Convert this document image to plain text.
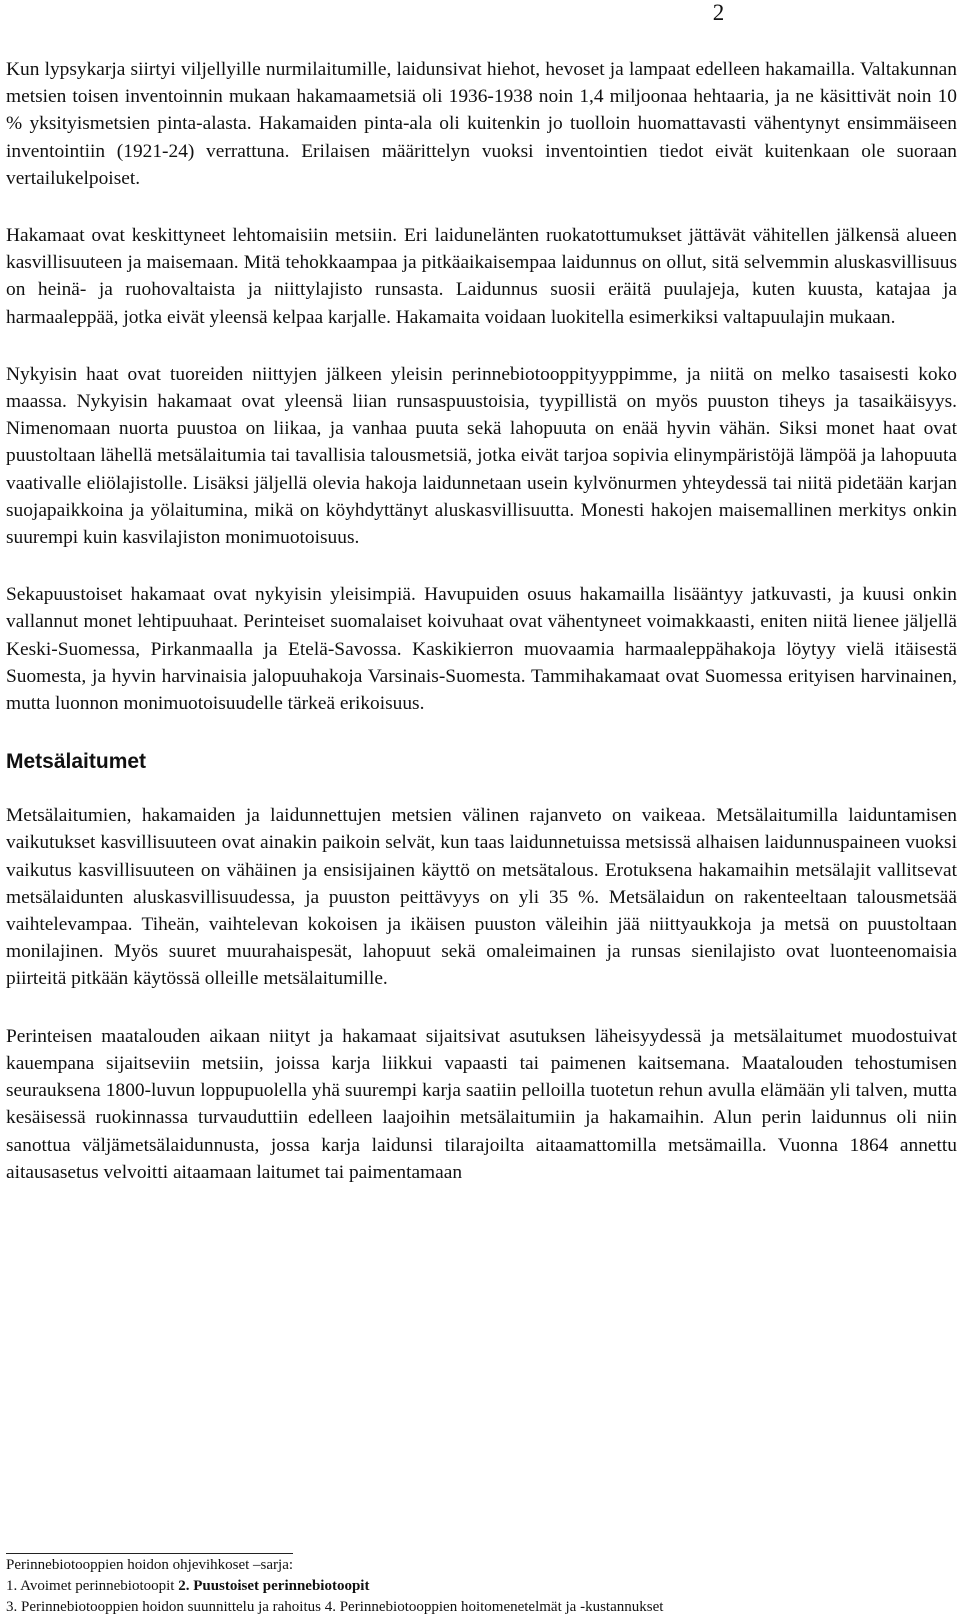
2

Kun lypsykarja siirtyi viljellyille nurmilaitumille, laidunsivat hiehot, hevoset ja lampaat edelleen hakamailla. Valtakunnan metsien toisen inventoinnin mukaan hakamaametsiä oli 1936-1938 noin 1,4 miljoonaa hehtaaria, ja ne käsittivät noin 10 % yksityismetsien pinta-alasta. Hakamaiden pinta-ala oli kuitenkin jo tuolloin huomattavasti vähentynyt ensimmäiseen inventointiin (1921-24) verrattuna. Erilaisen määrittelyn vuoksi inventointien tiedot eivät kuitenkaan ole suoraan vertailukelpoiset.

Hakamaat ovat keskittyneet lehtomaisiin metsiin. Eri laidunelänten ruokatottumukset jättävät vähitellen jälkensä alueen kasvillisuuteen ja maisemaan. Mitä tehokkaampaa ja pitkäaikaisempaa laidunnus on ollut, sitä selvemmin aluskasvillisuus on heinä- ja ruohovaltaista ja niittylajisto runsasta. Laidunnus suosii eräitä puulajeja, kuten kuusta, katajaa ja harmaaleppää, jotka eivät yleensä kelpaa karjalle. Hakamaita voidaan luokitella esimerkiksi valtapuulajin mukaan.

Nykyisin haat ovat tuoreiden niittyjen jälkeen yleisin perinnebiotooppityyppimme, ja niitä on melko tasaisesti koko maassa. Nykyisin hakamaat ovat yleensä liian runsaspuustoisia, tyypillistä on myös puuston tiheys ja tasaikäisyys. Nimenomaan nuorta puustoa on liikaa, ja vanhaa puuta sekä lahopuuta on enää hyvin vähän. Siksi monet haat ovat puustoltaan lähellä metsälaitumia tai tavallisia talousmetsiä, jotka eivät tarjoa sopivia elinympäristöjä lämpöä ja lahopuuta vaativalle eliölajistolle. Lisäksi jäljellä olevia hakoja laidunnetaan usein kylvönurmen yhteydessä tai niitä pidetään karjan suojapaikkoina ja yölaitumina, mikä on köyhdyttänyt aluskasvillisuutta. Monesti hakojen maisemallinen merkitys onkin suurempi kuin kasvilajiston monimuotoisuus.

Sekapuustoiset hakamaat ovat nykyisin yleisimpiä. Havupuiden osuus hakamailla lisääntyy jatkuvasti, ja kuusi onkin vallannut monet lehtipuuhaat. Perinteiset suomalaiset koivuhaat ovat vähentyneet voimakkaasti, eniten niitä lienee jäljellä Keski-Suomessa, Pirkanmaalla ja Etelä-Savossa. Kaskikierron muovaamia harmaaleppähakoja löytyy vielä itäisestä Suomesta, ja hyvin harvinaisia jalopuuhakoja Varsinais-Suomesta. Tammihakamaat ovat Suomessa erityisen harvinainen, mutta luonnon monimuotoisuudelle tärkeä erikoisuus.

Metsälaitumet

Metsälaitumien, hakamaiden ja laidunnettujen metsien välinen rajanveto on vaikeaa. Metsälaitumilla laiduntamisen vaikutukset kasvillisuuteen ovat ainakin paikoin selvät, kun taas laidunnetuissa metsissä alhaisen laidunnuspaineen vuoksi vaikutus kasvillisuuteen on vähäinen ja ensisijainen käyttö on metsätalous. Erotuksena hakamaihin metsälajit vallitsevat metsälaidunten aluskasvillisuudessa, ja puuston peittävyys on yli 35 %. Metsälaidun on rakenteeltaan talousmetsää vaihtelevampaa. Tiheän, vaihtelevan kokoisen ja ikäisen puuston väleihin jää niittyaukkoja ja metsä on puustoltaan monilajinen. Myös suuret muurahaispesät, lahopuut sekä omaleimainen ja runsas sienilajisto ovat luonteenomaisia piirteitä pitkään käytössä olleille metsälaitumille.

Perinteisen maatalouden aikaan niityt ja hakamaat sijaitsivat asutuksen läheisyydessä ja metsälaitumet muodostuivat kauempana sijaitseviin metsiin, joissa karja liikkui vapaasti tai paimenen kaitsemana. Maatalouden tehostumisen seurauksena 1800-luvun loppupuolella yhä suurempi karja saatiin pelloilla tuotetun rehun avulla elämään yli talven, mutta kesäisessä ruokinnassa turvauduttiin edelleen laajoihin metsälaitumiin ja hakamaihin. Alun perin laidunnus oli niin sanottua väljämetsälaidunnusta, jossa karja laidunsi tilarajoilta aitaamattomilla metsämailla. Vuonna 1864 annettu aitausasetus velvoitti aitaamaan laitumet tai paimentamaan

Perinnebiotooppien hoidon ohjevihkoset –sarja:
1. Avoimet perinnebiotoopit 2. Puustoiset perinnebiotoopit
3. Perinnebiotooppien hoidon suunnittelu ja rahoitus 4. Perinnebiotooppien hoitomenetelmät ja -kustannukset
